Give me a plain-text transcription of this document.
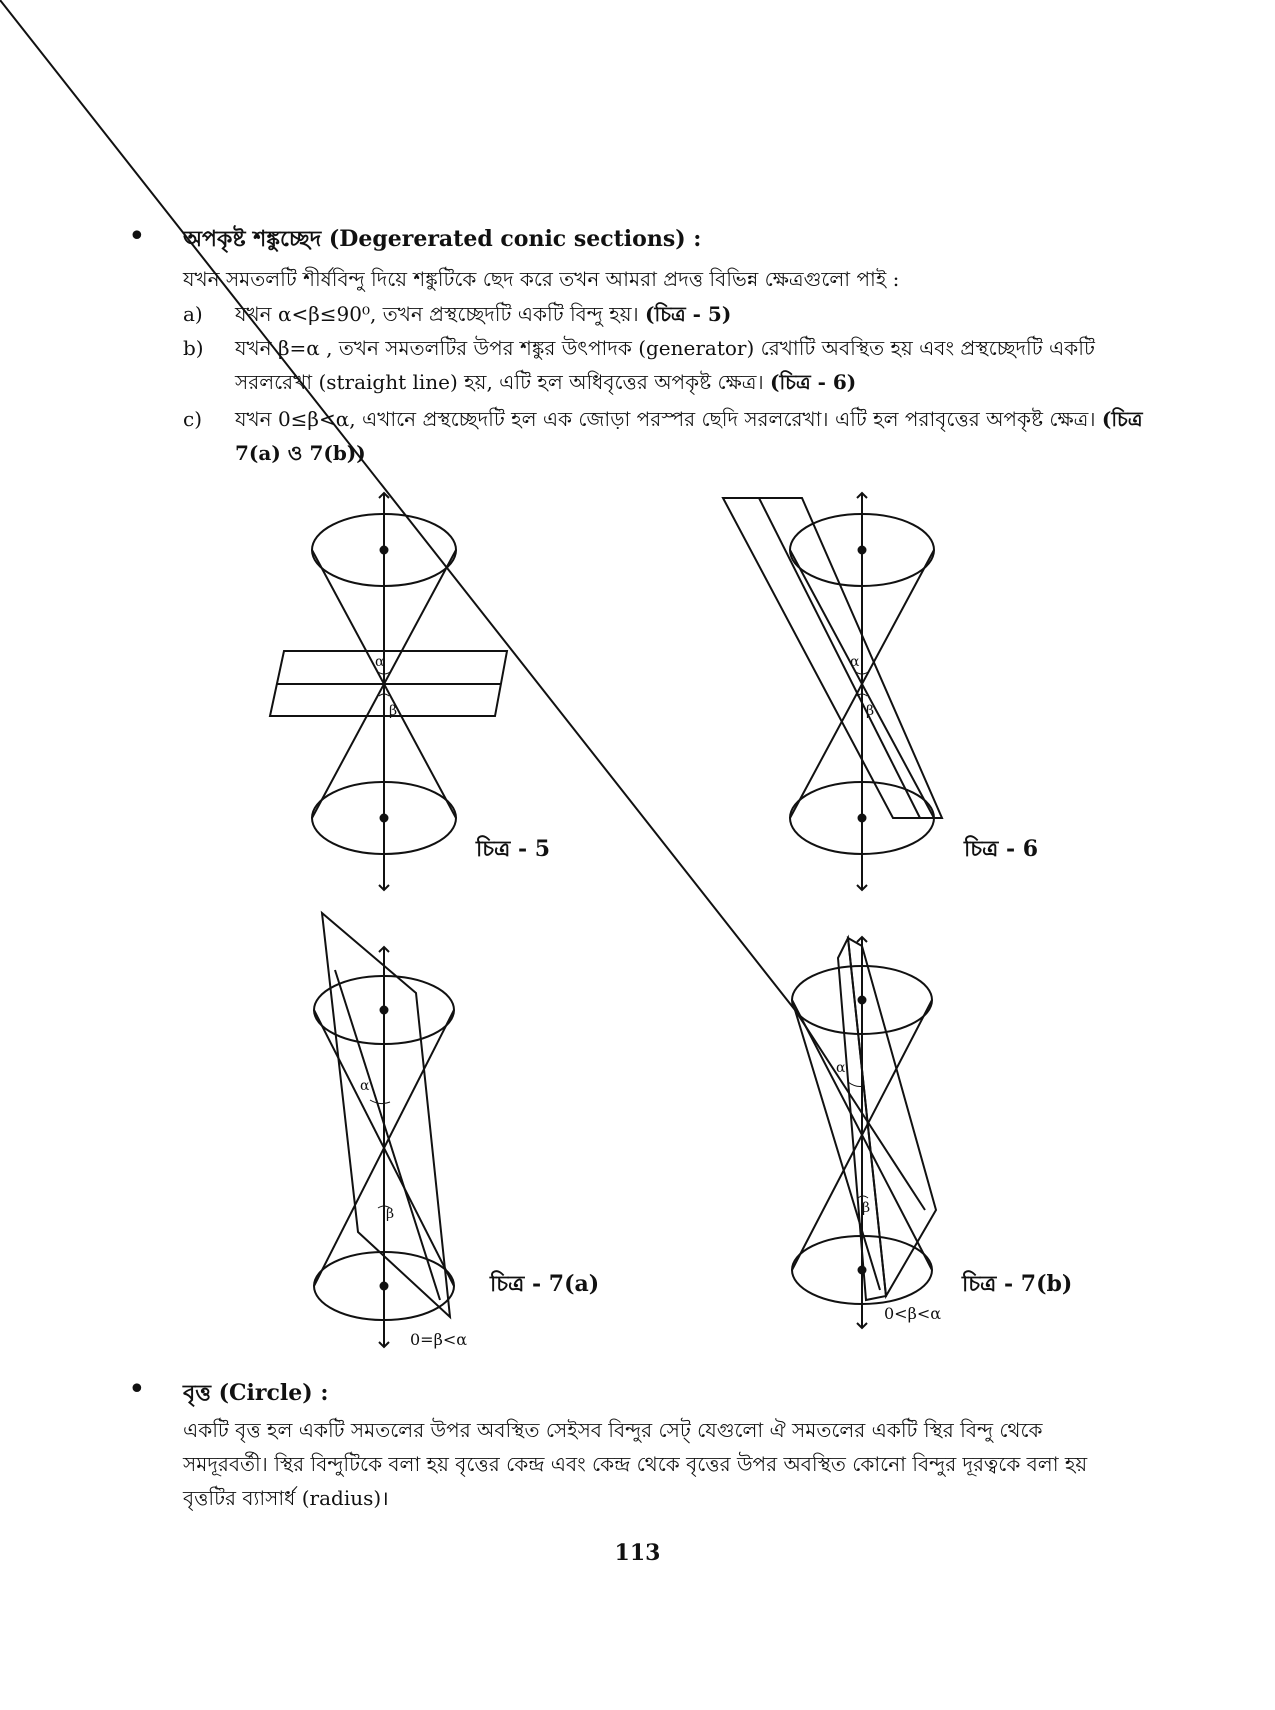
• অপকৃষ্ট শঙ্কুচ্ছেদ (Degererated conic sections) :
যখন সমতলটি শীর্ষবিন্দু দিয়ে শঙ্কুটিকে ছেদ করে তখন আমরা প্রদত্ত বিভিন্ন ক্ষেত্রগুলো পাই :
a)	যখন α<β≤90⁰, তখন প্রস্থচ্ছেদটি একটি বিন্দু হয়। (চিত্র - 5)
b)	যখন β=α , তখন সমতলটির উপর শঙ্কুর উৎপাদক (generator) রেখাটি অবস্থিত হয় এবং প্রস্থচ্ছেদটি একটি সরলরেখা (straight line) হয়, এটি হল অধিবৃত্তের অপকৃষ্ট ক্ষেত্র। (চিত্র - 6)
c)	যখন 0≤β<α, এখানে প্রস্থচ্ছেদটি হল এক জোড়া পরস্পর ছেদি সরলরেখা। এটি হল পরাবৃত্তের অপকৃষ্ট ক্ষেত্র। (চিত্র 7(a) ও 7(b))
α
β
α
β
α
β
α
β
চিত্র - 5	চিত্র - 6
চিত্র - 7(a)	চিত্র - 7(b)
0=β<α
0<β<α
• বৃত্ত (Circle) :
একটি বৃত্ত হল একটি সমতলের উপর অবস্থিত সেইসব বিন্দুর সেট্ যেগুলো ঐ সমতলের একটি স্থির বিন্দু থেকে সমদূরবর্তী। স্থির বিন্দুটিকে বলা হয় বৃত্তের কেন্দ্র এবং কেন্দ্র থেকে বৃত্তের উপর অবস্থিত কোনো বিন্দুর দূরত্বকে বলা হয় বৃত্তটির ব্যাসার্ধ (radius)।
113
